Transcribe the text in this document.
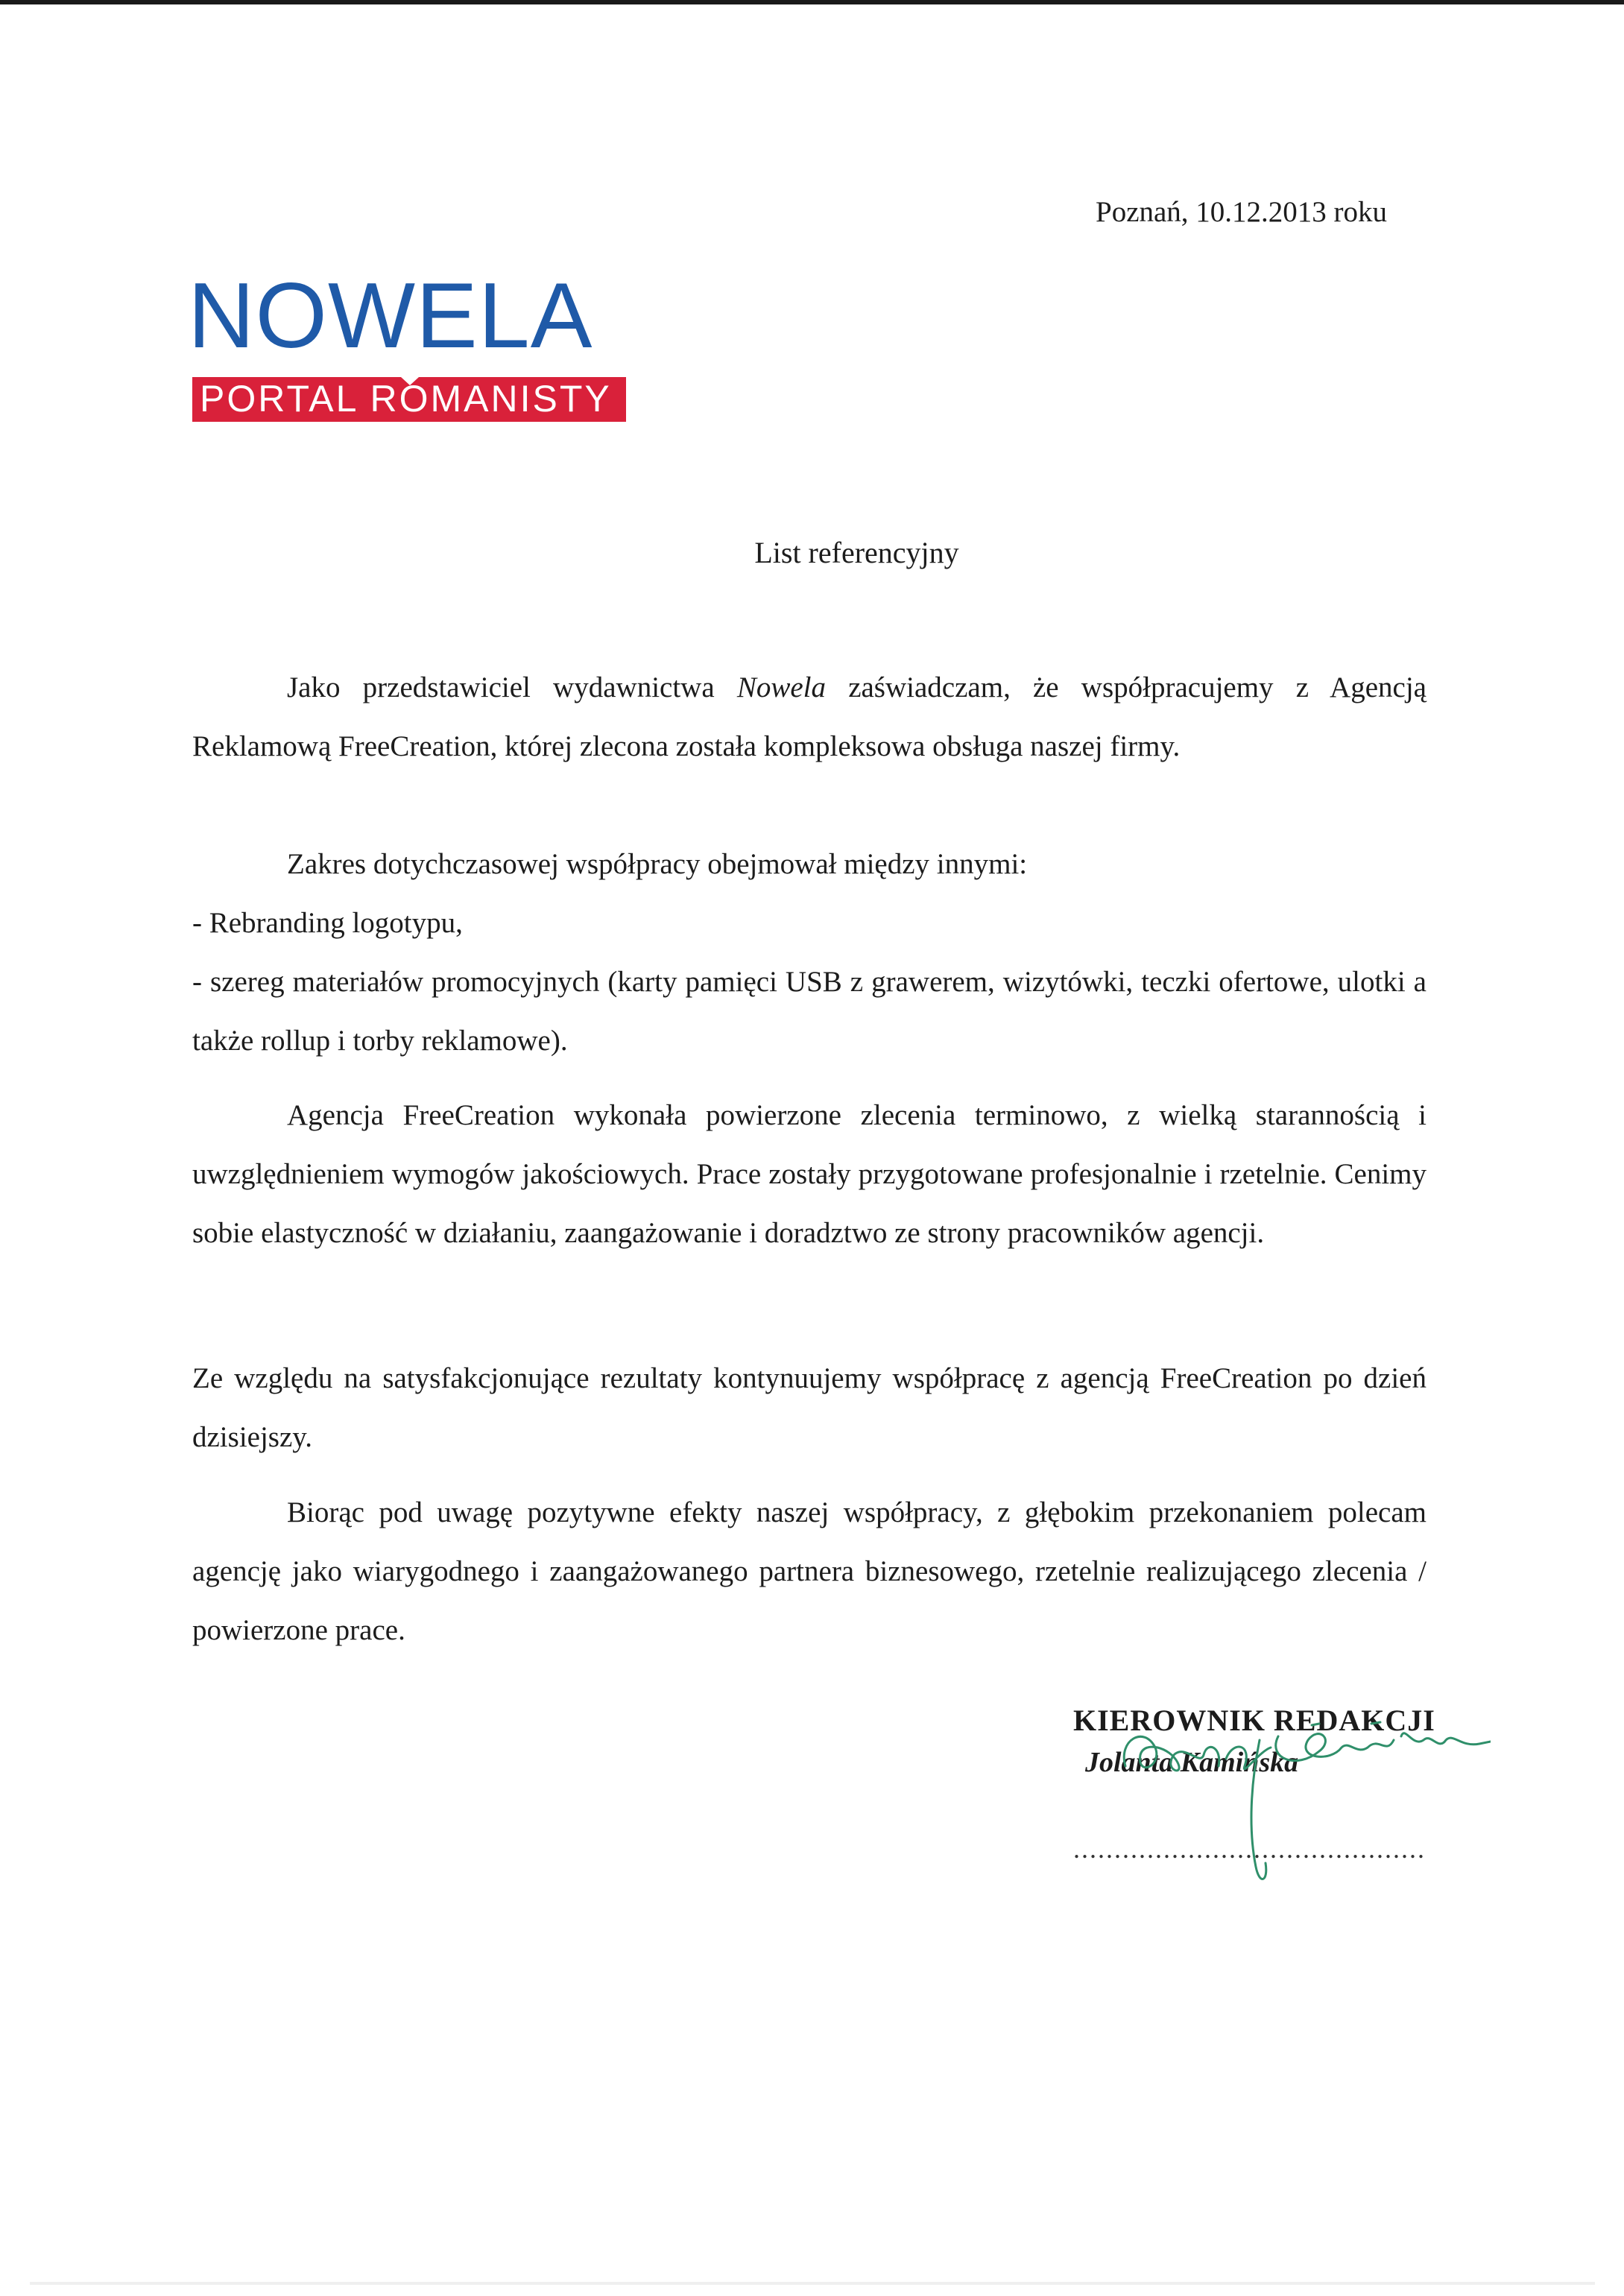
Poznań, 10.12.2013 roku
NOWELA
PORTAL ROMANISTY
List referencyjny

Jako przedstawiciel wydawnictwa Nowela zaświadczam, że współpracujemy z Agencją Reklamową FreeCreation, której zlecona została kompleksowa obsługa naszej firmy.

Zakres dotychczasowej współpracy obejmował między innymi:

- Rebranding logotypu,

- szereg materiałów promocyjnych (karty pamięci USB z grawerem, wizytówki, teczki ofertowe, ulotki a także rollup i torby reklamowe).

Agencja FreeCreation wykonała powierzone zlecenia terminowo, z wielką starannością i uwzględnieniem wymogów jakościowych. Prace zostały przygotowane profesjonalnie i rzetelnie. Cenimy sobie elastyczność w działaniu, zaangażowanie i doradztwo ze strony pracowników agencji.

Ze względu na satysfakcjonujące rezultaty kontynuujemy współpracę z agencją FreeCreation po dzień dzisiejszy.

Biorąc pod uwagę pozytywne efekty naszej współpracy, z głębokim przekonaniem polecam agencję jako wiarygodnego i zaangażowanego partnera biznesowego, rzetelnie realizującego zlecenia / powierzone prace.

KIEROWNIK REDAKCJI
Jolanta Kamińska
...........................................
